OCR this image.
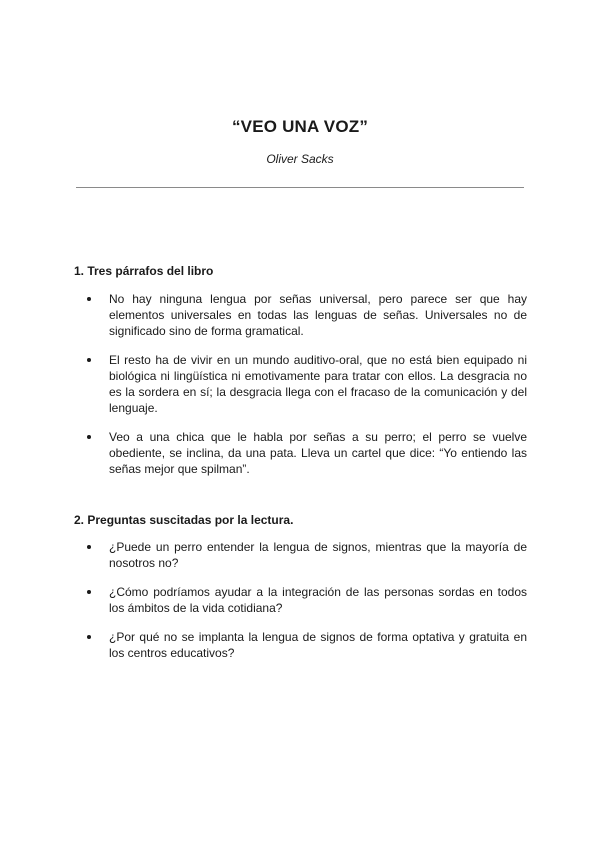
“VEO UNA VOZ”
Oliver Sacks
1. Tres párrafos del libro
No hay ninguna lengua por señas universal, pero parece ser que hay elementos universales en todas las lenguas de señas. Universales no de significado sino de forma gramatical.
El resto ha de vivir en un mundo auditivo-oral, que no está bien equipado ni biológica ni lingüística ni emotivamente para tratar con ellos. La desgracia no es la sordera en sí; la desgracia llega con el fracaso de la comunicación y del lenguaje.
Veo a una chica que le habla por señas a su perro; el perro se vuelve obediente, se inclina, da una pata. Lleva un cartel que dice: “Yo entiendo las señas mejor que spilman”.
2. Preguntas suscitadas por la lectura.
¿Puede un perro entender la lengua de signos, mientras que la mayoría de nosotros no?
¿Cómo podríamos ayudar a la integración de las personas sordas en todos los ámbitos de la vida cotidiana?
¿Por qué no se implanta la lengua de signos de forma optativa y gratuita en los centros educativos?
